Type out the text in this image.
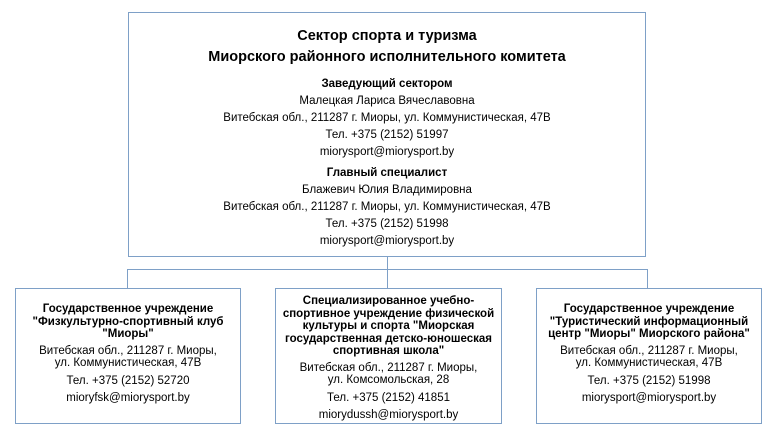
Сектор спорта и туризма
Миорского районного исполнительного комитета
Заведующий сектором
Малецкая Лариса Вячеславовна
Витебская обл., 211287 г. Миоры, ул. Коммунистическая, 47В
Тел. +375 (2152) 51997
miorysport@miorysport.by
Главный специалист
Блажевич Юлия Владимировна
Витебская обл., 211287 г. Миоры, ул. Коммунистическая, 47В
Тел. +375 (2152) 51998
miorysport@miorysport.by
Государственное учреждение
"Физкультурно-спортивный клуб
"Миоры"
Витебская обл., 211287 г. Миоры,
ул. Коммунистическая, 47В
Тел. +375 (2152) 52720
mioryfsk@miorysport.by
Специализированное учебно-
спортивное учреждение физической
культуры и спорта "Миорская
государственная детско-юношеская
спортивная школа"
Витебская обл., 211287 г. Миоры,
ул. Комсомольская, 28
Тел. +375 (2152) 41851
miorydussh@miorysport.by
Государственное учреждение
"Туристический информационный
центр "Миоры" Миорского района"
Витебская обл., 211287 г. Миоры,
ул. Коммунистическая, 47В
Тел. +375 (2152) 51998
miorysport@miorysport.by
